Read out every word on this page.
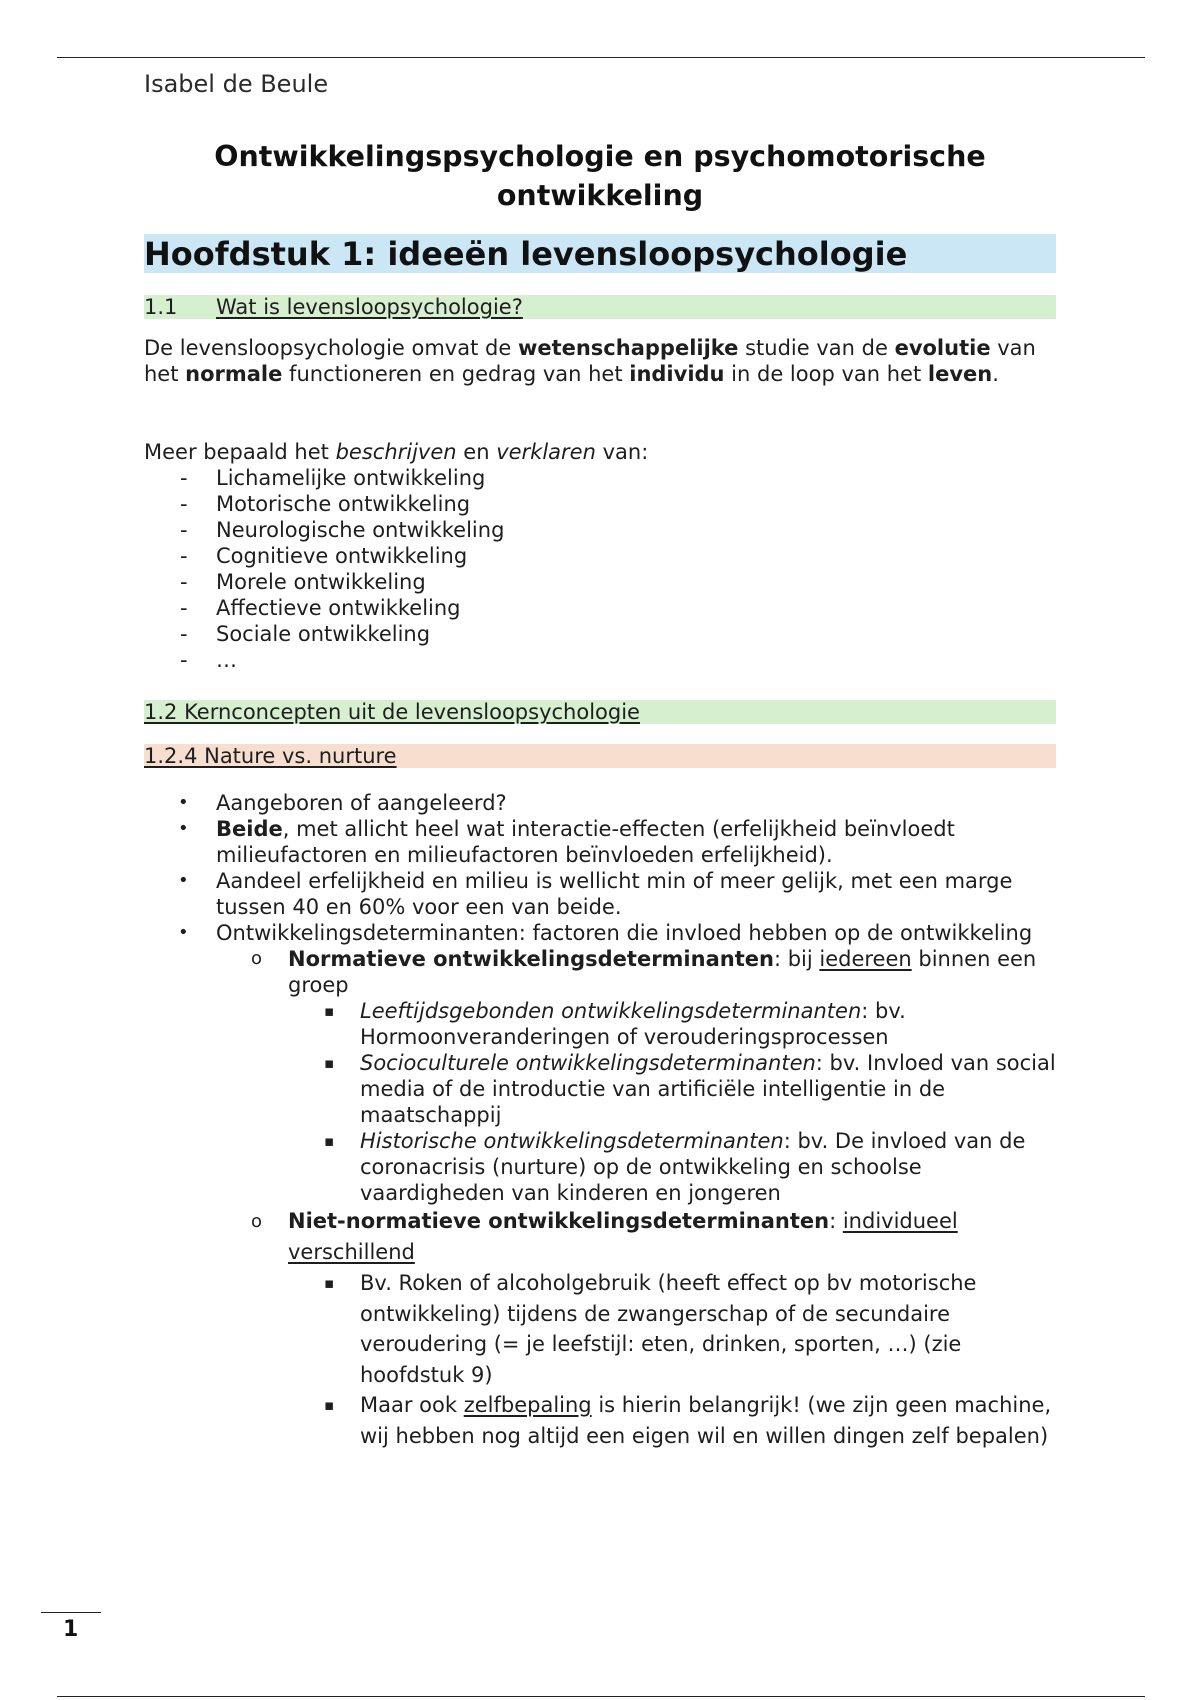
Isabel de Beule
Ontwikkelingspsychologie en psychomotorische
ontwikkeling
Hoofdstuk 1: ideeën levensloopsychologie
1.1 Wat is levensloopsychologie?
De levensloopsychologie omvat de wetenschappelijke studie van de evolutie van het normale functioneren en gedrag van het individu in de loop van het leven.
Meer bepaald het beschrijven en verklaren van:
- Lichamelijke ontwikkeling
- Motorische ontwikkeling
- Neurologische ontwikkeling
- Cognitieve ontwikkeling
- Morele ontwikkeling
- Affectieve ontwikkeling
- Sociale ontwikkeling
- …
1.2 Kernconcepten uit de levensloopsychologie
1.2.4 Nature vs. nurture
• Aangeboren of aangeleerd?
• Beide, met allicht heel wat interactie-effecten (erfelijkheid beïnvloedt milieufactoren en milieufactoren beïnvloeden erfelijkheid).
• Aandeel erfelijkheid en milieu is wellicht min of meer gelijk, met een marge tussen 40 en 60% voor een van beide.
• Ontwikkelingsdeterminanten: factoren die invloed hebben op de ontwikkeling
o Normatieve ontwikkelingsdeterminanten: bij iedereen binnen een groep
▪ Leeftijdsgebonden ontwikkelingsdeterminanten: bv. Hormoonveranderingen of verouderingsprocessen
▪ Socioculturele ontwikkelingsdeterminanten: bv. Invloed van social media of de introductie van artificiële intelligentie in de maatschappij
▪ Historische ontwikkelingsdeterminanten: bv. De invloed van de coronacrisis (nurture) op de ontwikkeling en schoolse vaardigheden van kinderen en jongeren
o Niet-normatieve ontwikkelingsdeterminanten: individueel verschillend
▪ Bv. Roken of alcoholgebruik (heeft effect op bv motorische ontwikkeling) tijdens de zwangerschap of de secundaire veroudering (= je leefstijl: eten, drinken, sporten, …) (zie hoofdstuk 9)
▪ Maar ook zelfbepaling is hierin belangrijk! (we zijn geen machine, wij hebben nog altijd een eigen wil en willen dingen zelf bepalen)
1
